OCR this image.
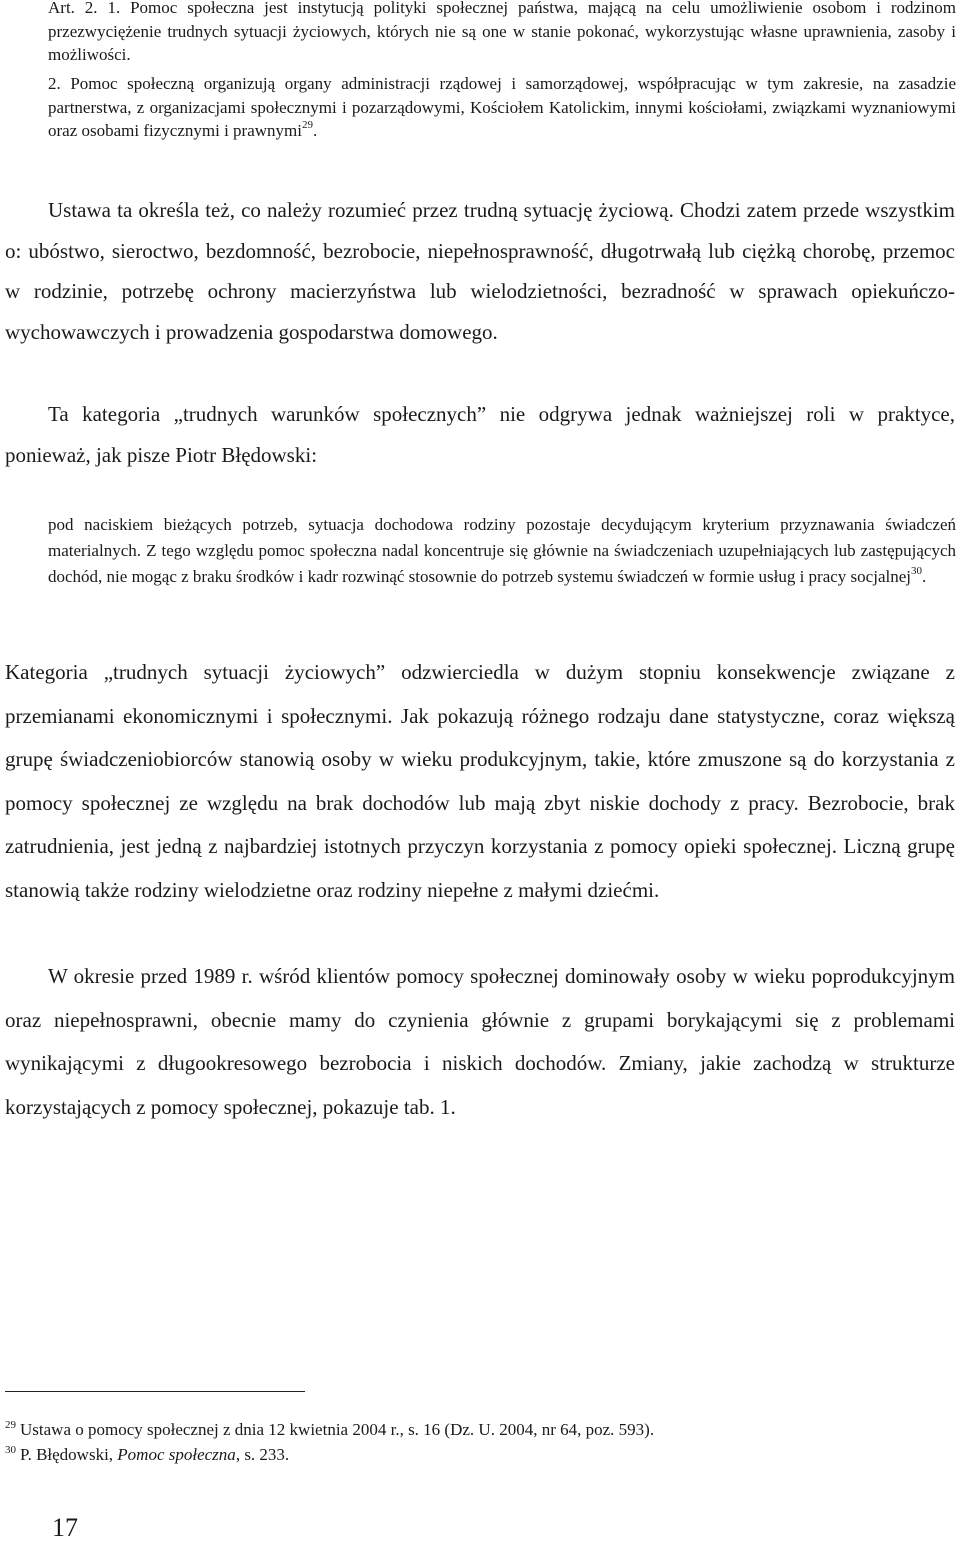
Art. 2. 1. Pomoc społeczna jest instytucją polityki społecznej państwa, mającą na celu umożliwienie osobom i rodzinom przezwyciężenie trudnych sytuacji życiowych, których nie są one w stanie pokonać, wykorzystując własne uprawnienia, zasoby i możliwości.

2. Pomoc społeczną organizują organy administracji rządowej i samorządowej, współpracując w tym zakresie, na zasadzie partnerstwa, z organizacjami społecznymi i pozarządowymi, Kościołem Katolickim, innymi kościołami, związkami wyznaniowymi oraz osobami fizycznymi i prawnymi$^{29}$.

Ustawa ta określa też, co należy rozumieć przez trudną sytuację życiową. Chodzi zatem przede wszystkim o: ubóstwo, sieroctwo, bezdomność, bezrobocie, niepełnosprawność, długotrwałą lub ciężką chorobę, przemoc w rodzinie, potrzebę ochrony macierzyństwa lub wielodzietności, bezradność w sprawach opiekuńczo-wychowawczych i prowadzenia gospodarstwa domowego.

Ta kategoria „trudnych warunków społecznych” nie odgrywa jednak ważniejszej roli w praktyce, ponieważ, jak pisze Piotr Błędowski:

pod naciskiem bieżących potrzeb, sytuacja dochodowa rodziny pozostaje decydującym kryterium przyznawania świadczeń materialnych. Z tego względu pomoc społeczna nadal koncentruje się głównie na świadczeniach uzupełniających lub zastępujących dochód, nie mogąc z braku środków i kadr rozwinąć stosownie do potrzeb systemu świadczeń w formie usług i pracy socjalnej$^{30}$.

Kategoria „trudnych sytuacji życiowych” odzwierciedla w dużym stopniu konsekwencje związane z przemianami ekonomicznymi i społecznymi. Jak pokazują różnego rodzaju dane statystyczne, coraz większą grupę świadczeniobiorców stanowią osoby w wieku produkcyjnym, takie, które zmuszone są do korzystania z pomocy społecznej ze względu na brak dochodów lub mają zbyt niskie dochody z pracy. Bezrobocie, brak zatrudnienia, jest jedną z najbardziej istotnych przyczyn korzystania z pomocy opieki społecznej. Liczną grupę stanowią także rodziny wielodzietne oraz rodziny niepełne z małymi dziećmi.

W okresie przed 1989 r. wśród klientów pomocy społecznej dominowały osoby w wieku poprodukcyjnym oraz niepełnosprawni, obecnie mamy do czynienia głównie z grupami borykającymi się z problemami wynikającymi z długookresowego bezrobocia i niskich dochodów. Zmiany, jakie zachodzą w strukturze korzystających z pomocy społecznej, pokazuje tab. 1.

$^{29}$ Ustawa o pomocy społecznej z dnia 12 kwietnia 2004 r., s. 16 (Dz. U. 2004, nr 64, poz. 593).
$^{30}$ P. Błędowski, Pomoc społeczna, s. 233.
17
